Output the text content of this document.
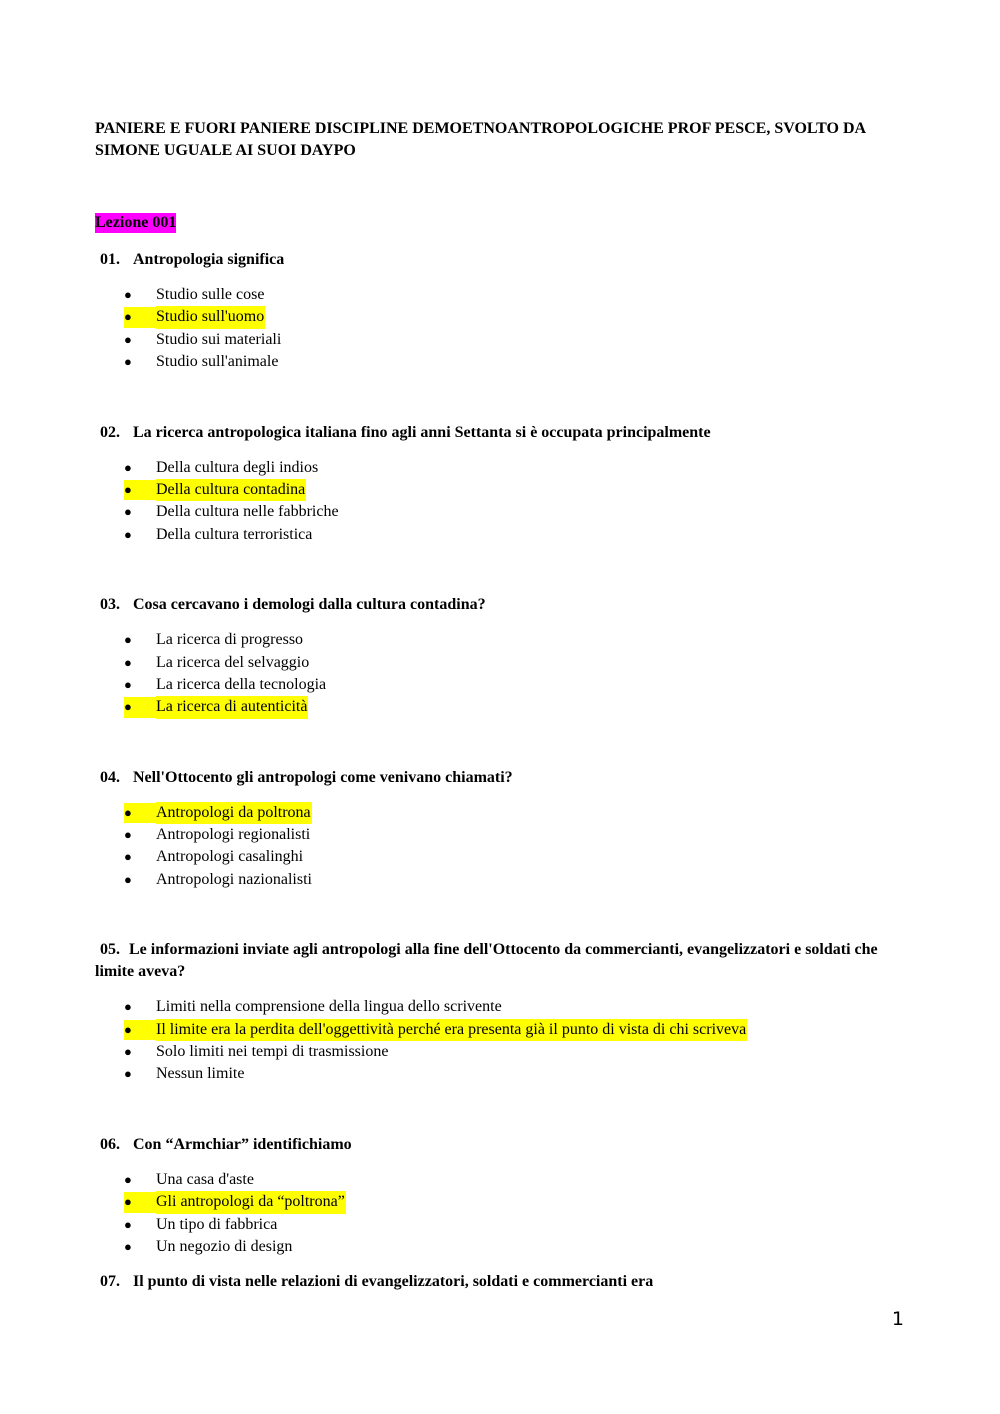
PANIERE E FUORI PANIERE DISCIPLINE DEMOETNOANTROPOLOGICHE PROF PESCE, SVOLTO DA SIMONE UGUALE AI SUOI DAYPO

Lezione 001

01. Antropologia significa

●	Studio sulle cose
●	Studio sull'uomo
●	Studio sui materiali
●	Studio sull'animale

02. La ricerca antropologica italiana fino agli anni Settanta si è occupata principalmente

●	Della cultura degli indios
●	Della cultura contadina
●	Della cultura nelle fabbriche
●	Della cultura terroristica

03. Cosa cercavano i demologi dalla cultura contadina?

●	La ricerca di progresso
●	La ricerca del selvaggio
●	La ricerca della tecnologia
●	La ricerca di autenticità

04. Nell'Ottocento gli antropologi come venivano chiamati?

●	Antropologi da poltrona
●	Antropologi regionalisti
●	Antropologi casalinghi
●	Antropologi nazionalisti

05. Le informazioni inviate agli antropologi alla fine dell'Ottocento da commercianti, evangelizzatori e soldati che limite aveva?

●	Limiti nella comprensione della lingua dello scrivente
●	Il limite era la perdita dell'oggettività perché era presenta già il punto di vista di chi scriveva
●	Solo limiti nei tempi di trasmissione
●	Nessun limite

06. Con “Armchiar” identifichiamo

●	Una casa d'aste
●	Gli antropologi da “poltrona”
●	Un tipo di fabbrica
●	Un negozio di design

07. Il punto di vista nelle relazioni di evangelizzatori, soldati e commercianti era

1
